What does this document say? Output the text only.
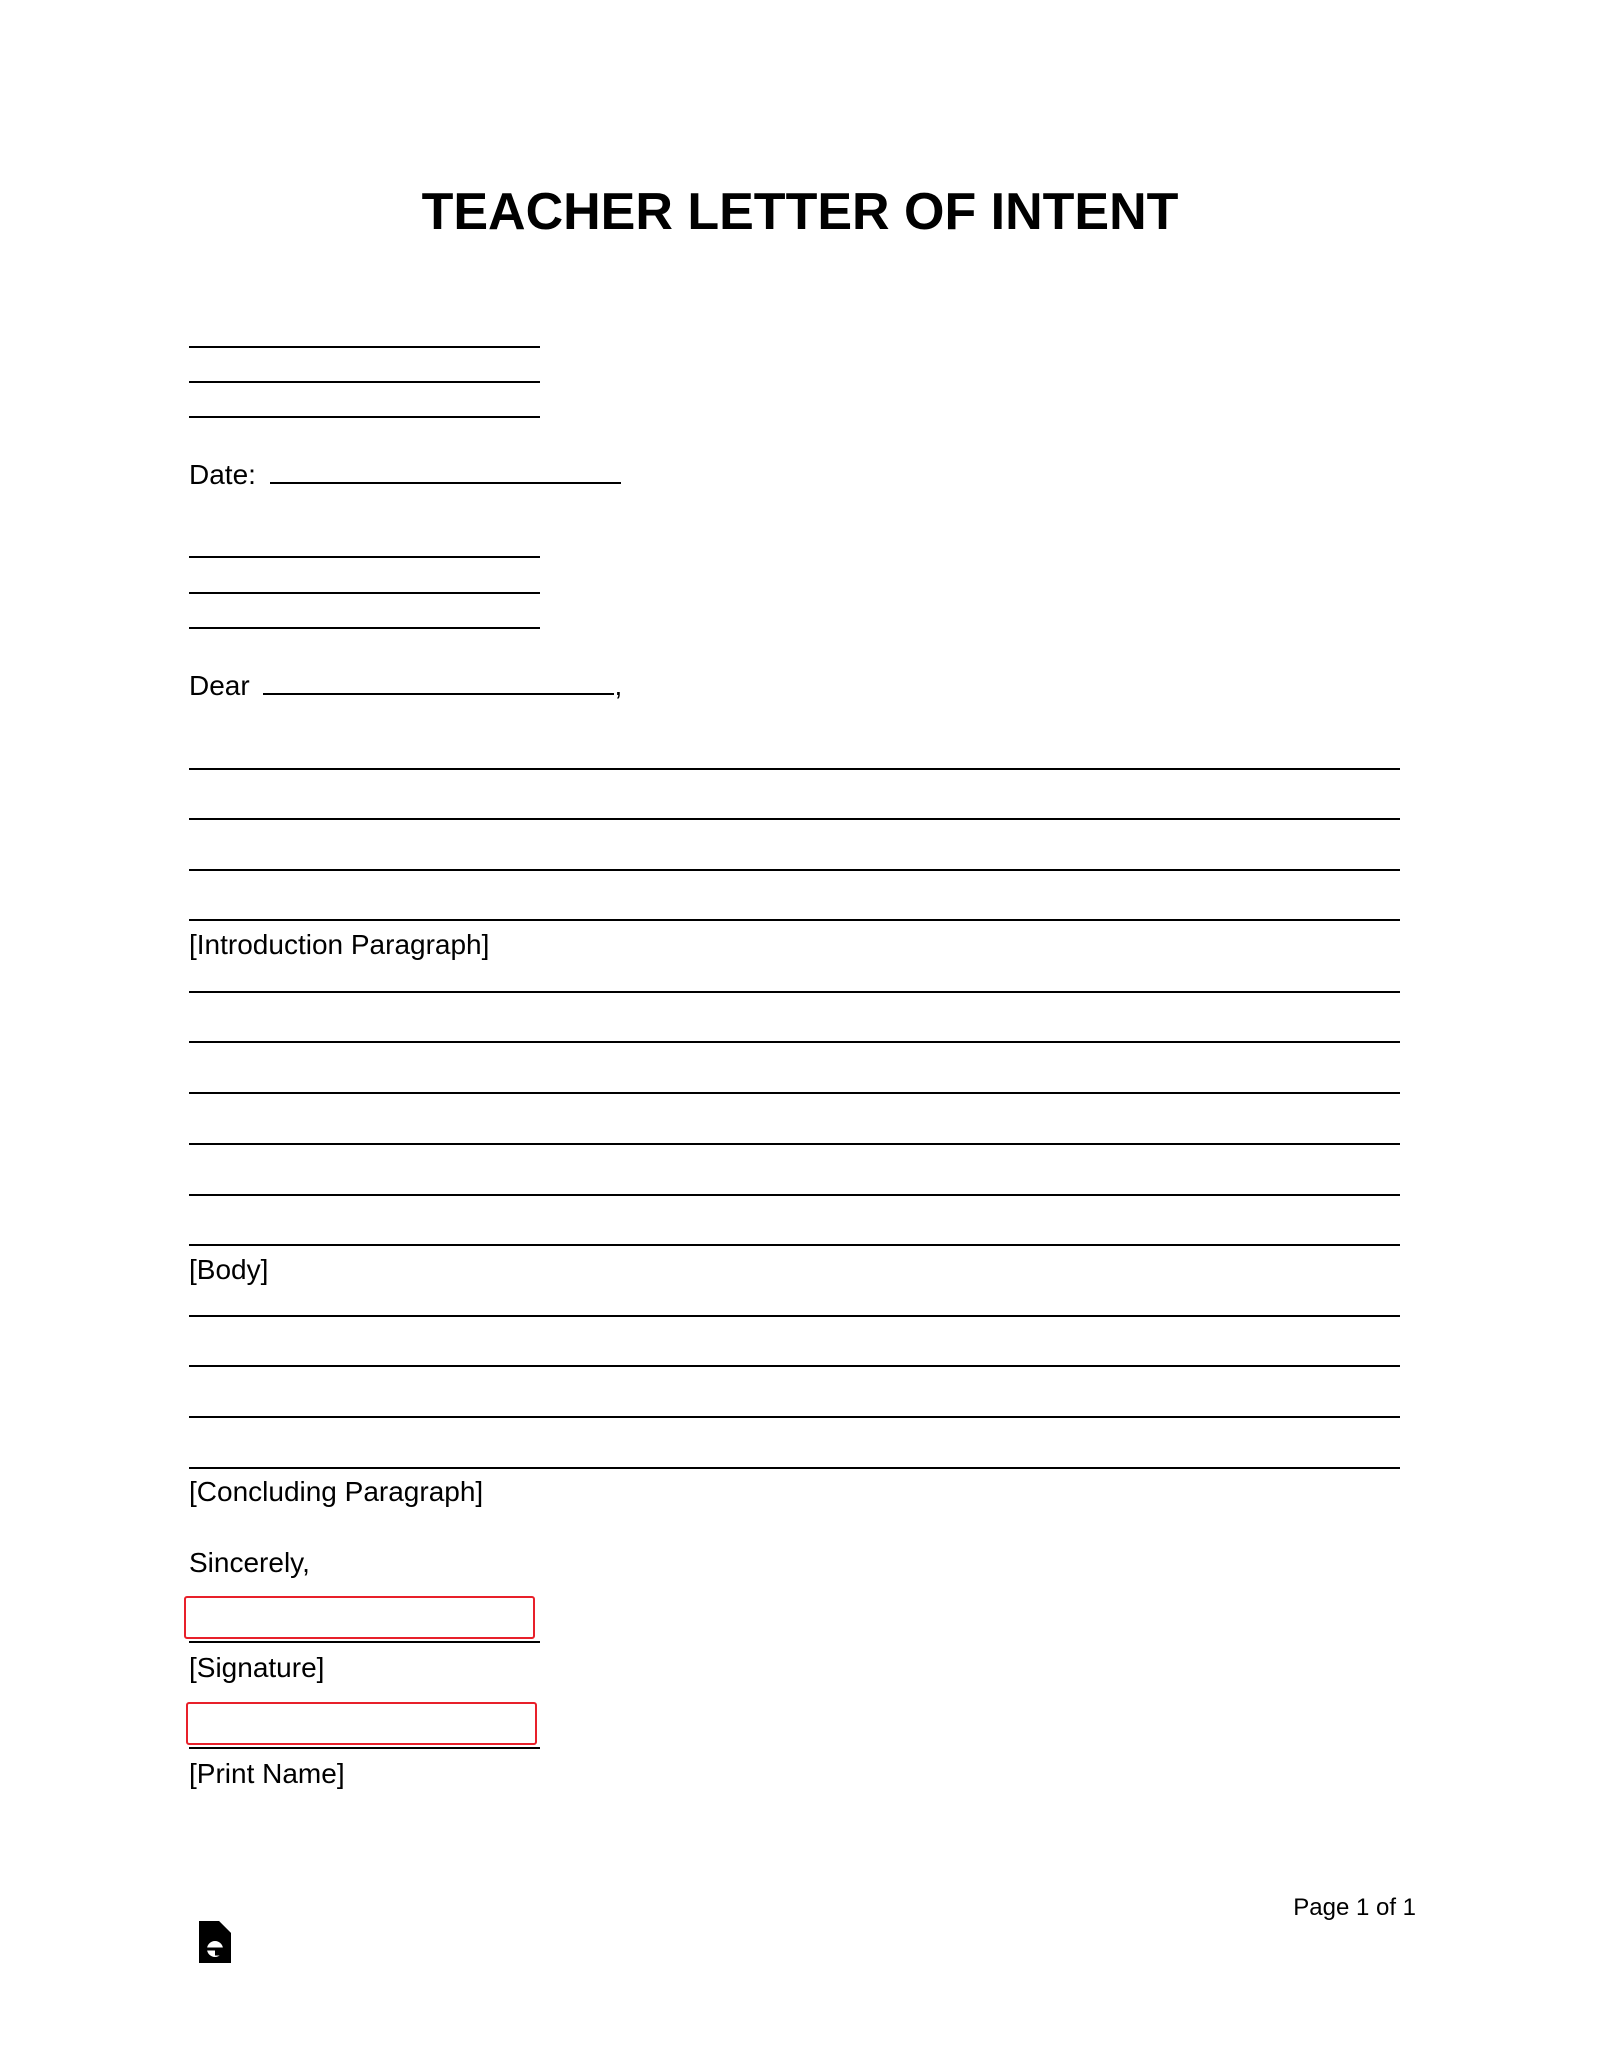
TEACHER LETTER OF INTENT
Date:
Dear	,
[Introduction Paragraph]
[Body]
[Concluding Paragraph]
Sincerely,
[Signature]
[Print Name]
Page 1 of 1
